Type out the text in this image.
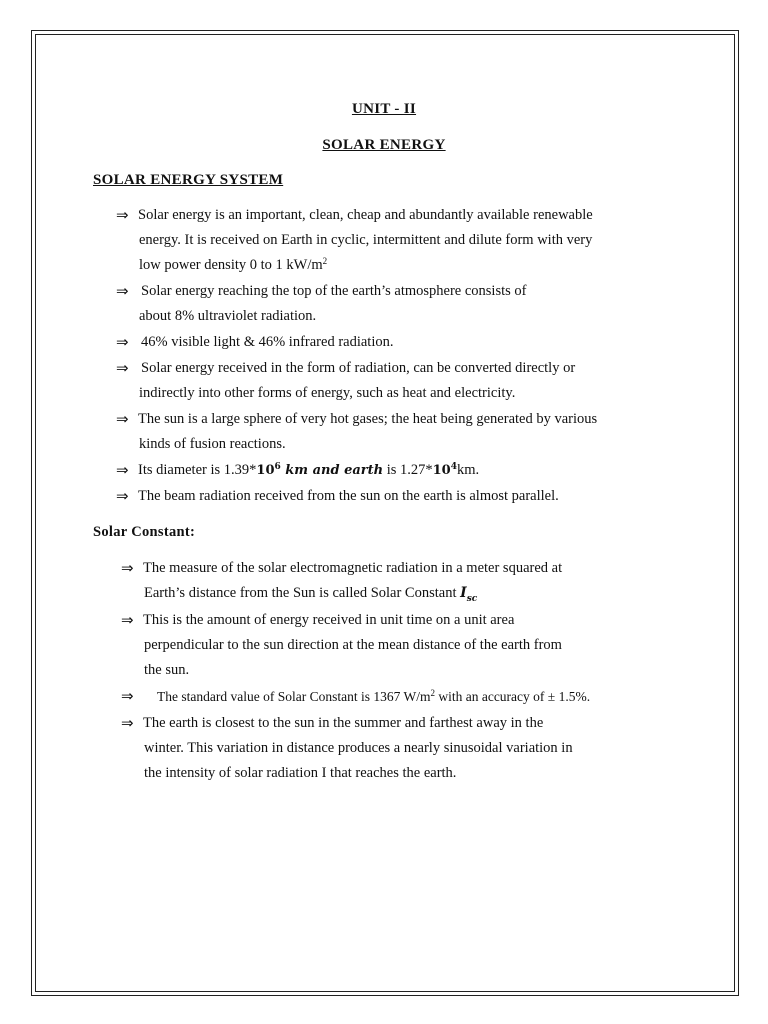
UNIT - II
SOLAR ENERGY
SOLAR ENERGY SYSTEM
⇒ Solar energy is an important, clean, cheap and abundantly available renewable
energy. It is received on Earth in cyclic, intermittent and dilute form with very
low power density 0 to 1 $kW/m^2$
⇒ Solar energy reaching the top of the earth’s atmosphere consists of
about 8% ultraviolet radiation.
⇒ 46% visible light & 46% infrared radiation.
⇒ Solar energy received in the form of radiation, can be converted directly or
indirectly into other forms of energy, such as heat and electricity.
⇒ The sun is a large sphere of very hot gases; the heat being generated by various
kinds of fusion reactions.
⇒ Its diameter is $1.39*10^6$ km and earth is $1.27*10^4km$.
⇒ The beam radiation received from the sun on the earth is almost parallel.
Solar Constant:
⇒ The measure of the solar electromagnetic radiation in a meter squared at
Earth’s distance from the Sun is called Solar Constant $I_{sc}$
⇒ This is the amount of energy received in unit time on a unit area
perpendicular to the sun direction at the mean distance of the earth from
the sun.
⇒	The standard value of Solar Constant is 1367 $W/m^2$ with an accuracy of ± 1.5%.
⇒ The earth is closest to the sun in the summer and farthest away in the
winter. This variation in distance produces a nearly sinusoidal variation in
the intensity of solar radiation I that reaches the earth.
